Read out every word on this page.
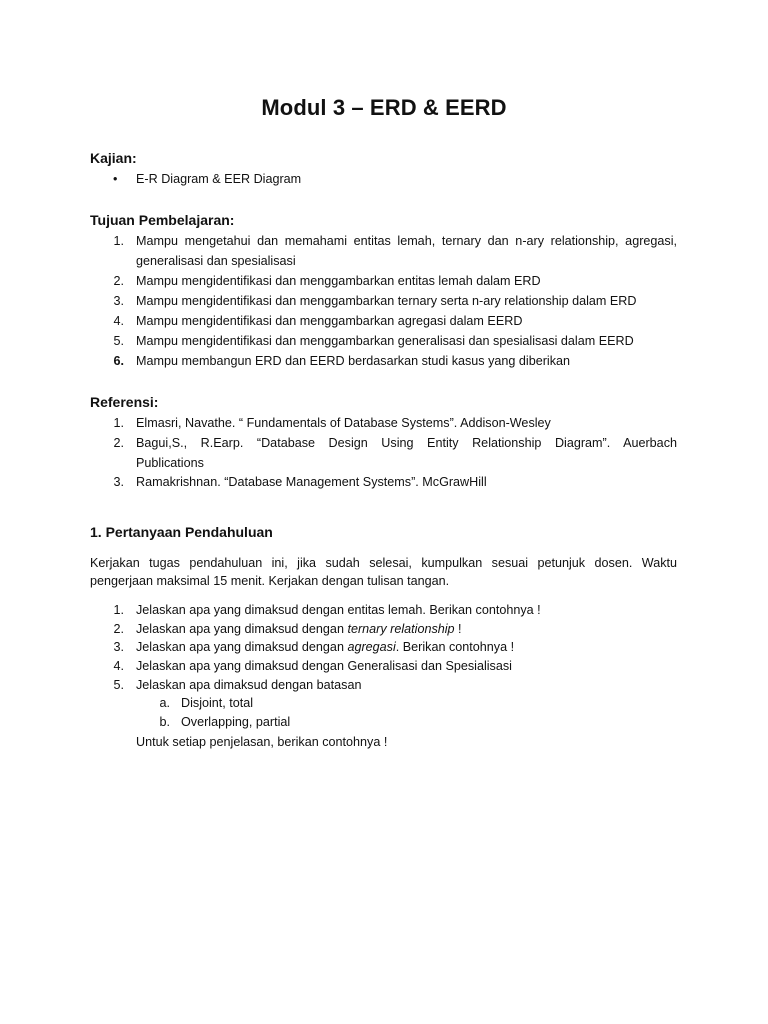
Modul 3 – ERD & EERD
Kajian:
• E-R Diagram & EER Diagram
Tujuan Pembelajaran:
1. Mampu mengetahui dan memahami entitas lemah, ternary dan n-ary relationship, agregasi,
generalisasi dan spesialisasi
2. Mampu mengidentifikasi dan menggambarkan entitas lemah dalam ERD
3. Mampu mengidentifikasi dan menggambarkan ternary serta n-ary relationship dalam ERD
4. Mampu mengidentifikasi dan menggambarkan agregasi dalam EERD
5. Mampu mengidentifikasi dan menggambarkan generalisasi dan spesialisasi dalam EERD
6. Mampu membangun ERD dan EERD berdasarkan studi kasus yang diberikan
Referensi:
1. Elmasri, Navathe. “ Fundamentals of Database Systems”. Addison-Wesley
2. Bagui,S., R.Earp. “Database Design Using Entity Relationship Diagram”. Auerbach
Publications
3. Ramakrishnan. “Database Management Systems”. McGrawHill
1. Pertanyaan Pendahuluan
Kerjakan tugas pendahuluan ini, jika sudah selesai, kumpulkan sesuai petunjuk dosen. Waktu
pengerjaan maksimal 15 menit. Kerjakan dengan tulisan tangan.
1. Jelaskan apa yang dimaksud dengan entitas lemah. Berikan contohnya !
2. Jelaskan apa yang dimaksud dengan ternary relationship !
3. Jelaskan apa yang dimaksud dengan agregasi. Berikan contohnya !
4. Jelaskan apa yang dimaksud dengan Generalisasi dan Spesialisasi
5. Jelaskan apa dimaksud dengan batasan
a. Disjoint, total
b. Overlapping, partial
Untuk setiap penjelasan, berikan contohnya !
